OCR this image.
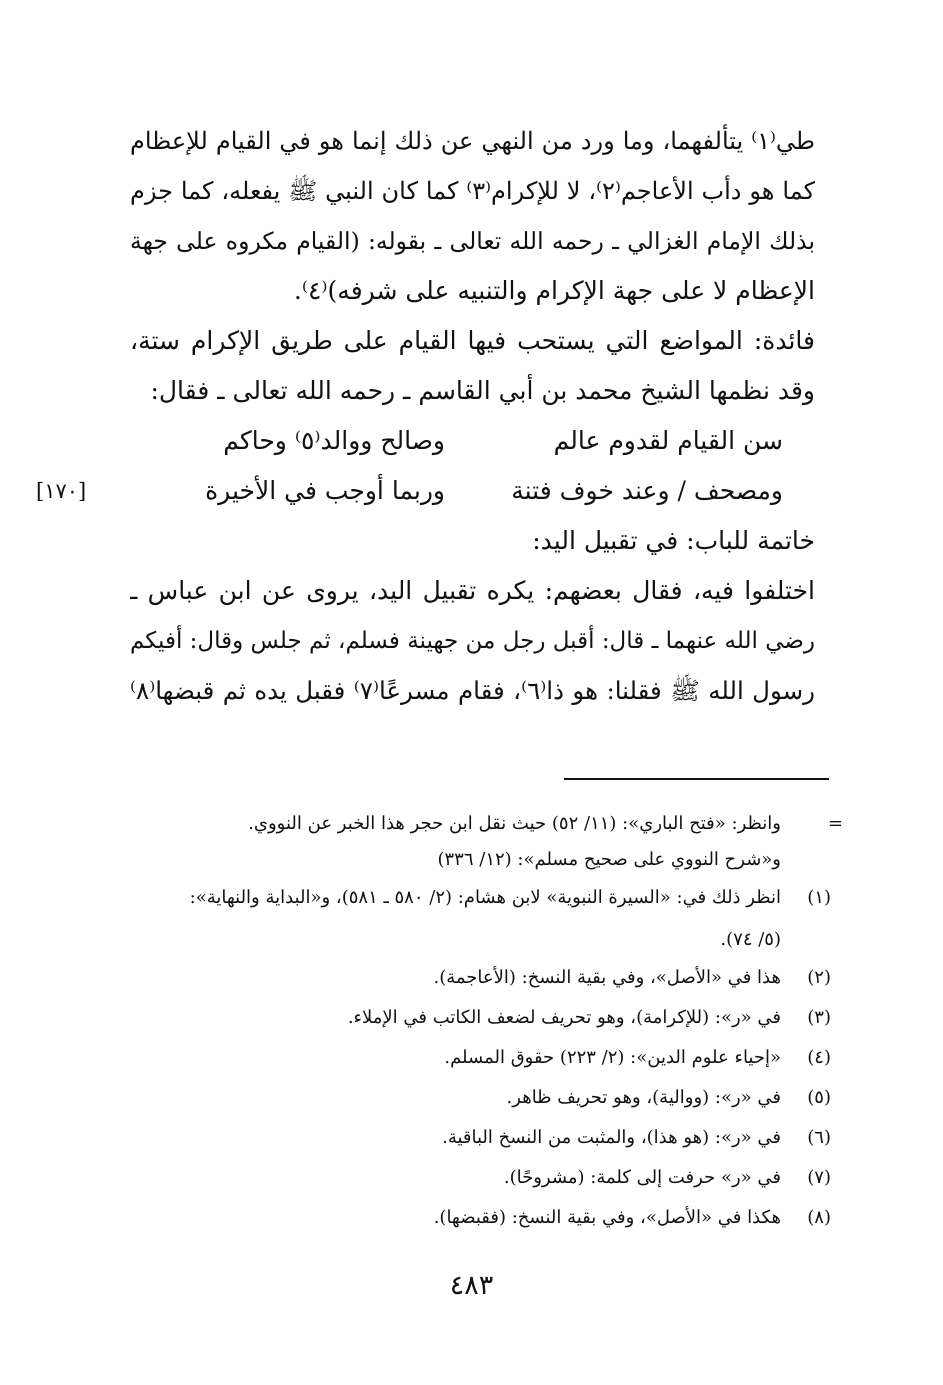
طي⁽١⁾ يتألفهما، وما ورد من النهي عن ذلك إنما هو في القيام للإعظام
كما هو دأب الأعاجم⁽٢⁾، لا للإكرام⁽٣⁾ كما كان النبي ﷺ يفعله، كما جزم
بذلك الإمام الغزالي ـ رحمه الله تعالى ـ بقوله: (القيام مكروه على جهة
الإعظام لا على جهة الإكرام والتنبيه على شرفه)⁽٤⁾.
فائدة: المواضع التي يستحب فيها القيام على طريق الإكرام ستة،
وقد نظمها الشيخ محمد بن أبي القاسم ـ رحمه الله تعالى ـ فقال:
سن القيام لقدوم عالم
وصالح ووالد⁽٥⁾ وحاكم
ومصحف / وعند خوف فتنة
وربما أوجب في الأخيرة
[١٧٠]
خاتمة للباب: في تقبيل اليد:
اختلفوا فيه، فقال بعضهم: يكره تقبيل اليد، يروى عن ابن عباس ـ
رضي الله عنهما ـ قال: أقبل رجل من جهينة فسلم، ثم جلس وقال: أفيكم
رسول الله ﷺ فقلنا: هو ذا⁽٦⁾، فقام مسرعًا⁽٧⁾ فقبل يده ثم قبضها⁽٨⁾
=
وانظر: «فتح الباري»: (١١/ ٥٢) حيث نقل ابن حجر هذا الخبر عن النووي.
و«شرح النووي على صحيح مسلم»: (١٢/ ٣٣٦)
(١)
انظر ذلك في: «السيرة النبوية» لابن هشام: (٢/ ٥٨٠ ـ ٥٨١)، و«البداية والنهاية»:
(٥/ ٧٤).
(٢)
هذا في «الأصل»، وفي بقية النسخ: (الأعاجمة).
(٣)
في «ر»: (للإكرامة)، وهو تحريف لضعف الكاتب في الإملاء.
(٤)
«إحياء علوم الدين»: (٢/ ٢٢٣) حقوق المسلم.
(٥)
في «ر»: (ووالية)، وهو تحريف ظاهر.
(٦)
في «ر»: (هو هذا)، والمثبت من النسخ الباقية.
(٧)
في «ر» حرفت إلى كلمة: (مشروحًا).
(٨)
هكذا في «الأصل»، وفي بقية النسخ: (فقبضها).
٤٨٣
